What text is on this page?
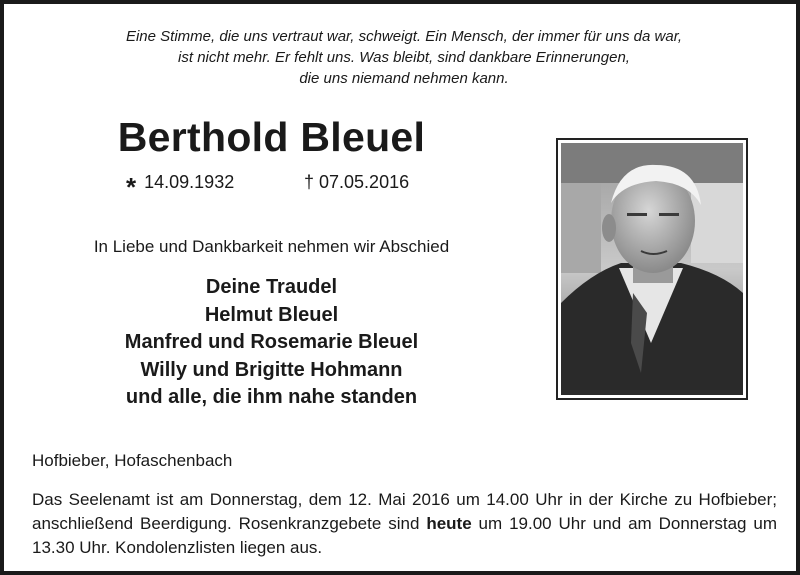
Eine Stimme, die uns vertraut war, schweigt. Ein Mensch, der immer für uns da war,
ist nicht mehr. Er fehlt uns. Was bleibt, sind dankbare Erinnerungen,
die uns niemand nehmen kann.
Berthold Bleuel
* 14.09.1932	† 07.05.2016
In Liebe und Dankbarkeit nehmen wir Abschied
Deine Traudel
Helmut Bleuel
Manfred und Rosemarie Bleuel
Willy und Brigitte Hohmann
und alle, die ihm nahe standen
Hofbieber, Hofaschenbach
Das Seelenamt ist am Donnerstag, dem 12. Mai 2016 um 14.00 Uhr in der Kirche zu Hofbieber; anschließend Beerdigung. Rosenkranzgebete sind heute um 19.00 Uhr und am Donnerstag um 13.30 Uhr. Kondolenzlisten liegen aus.
